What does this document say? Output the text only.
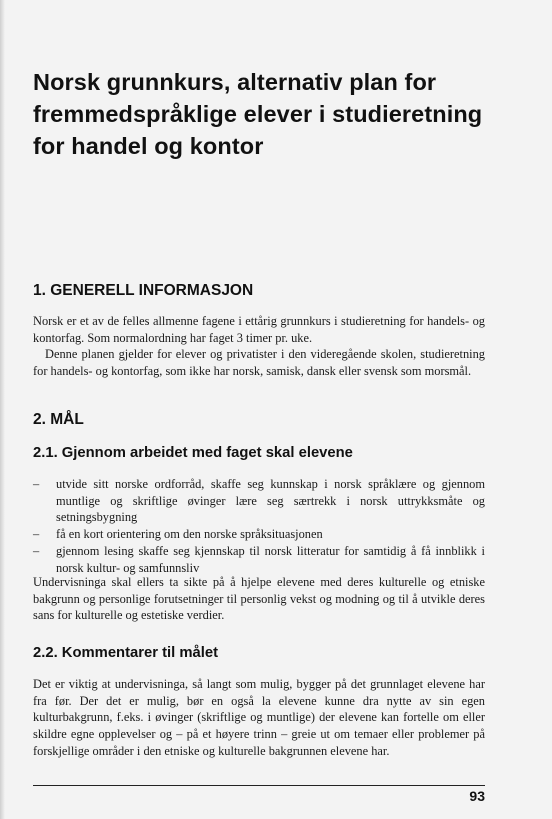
Norsk grunnkurs, alternativ plan for fremmedspråklige elever i studieretning for handel og kontor
1. GENERELL INFORMASJON

Norsk er et av de felles allmenne fagene i ettårig grunnkurs i studieretning for handels- og kontorfag. Som normalordning har faget 3 timer pr. uke.

Denne planen gjelder for elever og privatister i den videregående skolen, studieretning for handels- og kontorfag, som ikke har norsk, samisk, dansk eller svensk som morsmål.

2. MÅL
2.1. Gjennom arbeidet med faget skal elevene
– utvide sitt norske ordforråd, skaffe seg kunnskap i norsk språklære og gjennom muntlige og skriftlige øvinger lære seg særtrekk i norsk uttrykksmåte og setningsbygning
– få en kort orientering om den norske språksituasjonen
– gjennom lesing skaffe seg kjennskap til norsk litteratur for samtidig å få innblikk i norsk kultur- og samfunnsliv

Undervisninga skal ellers ta sikte på å hjelpe elevene med deres kulturelle og etniske bakgrunn og personlige forutsetninger til personlig vekst og modning og til å utvikle deres sans for kulturelle og estetiske verdier.

2.2. Kommentarer til målet

Det er viktig at undervisninga, så langt som mulig, bygger på det grunnlaget elevene har fra før. Der det er mulig, bør en også la elevene kunne dra nytte av sin egen kulturbakgrunn, f.eks. i øvinger (skriftlige og muntlige) der elevene kan fortelle om eller skildre egne opplevelser og – på et høyere trinn – greie ut om temaer eller problemer på forskjellige områder i den etniske og kulturelle bakgrunnen elevene har.

93
